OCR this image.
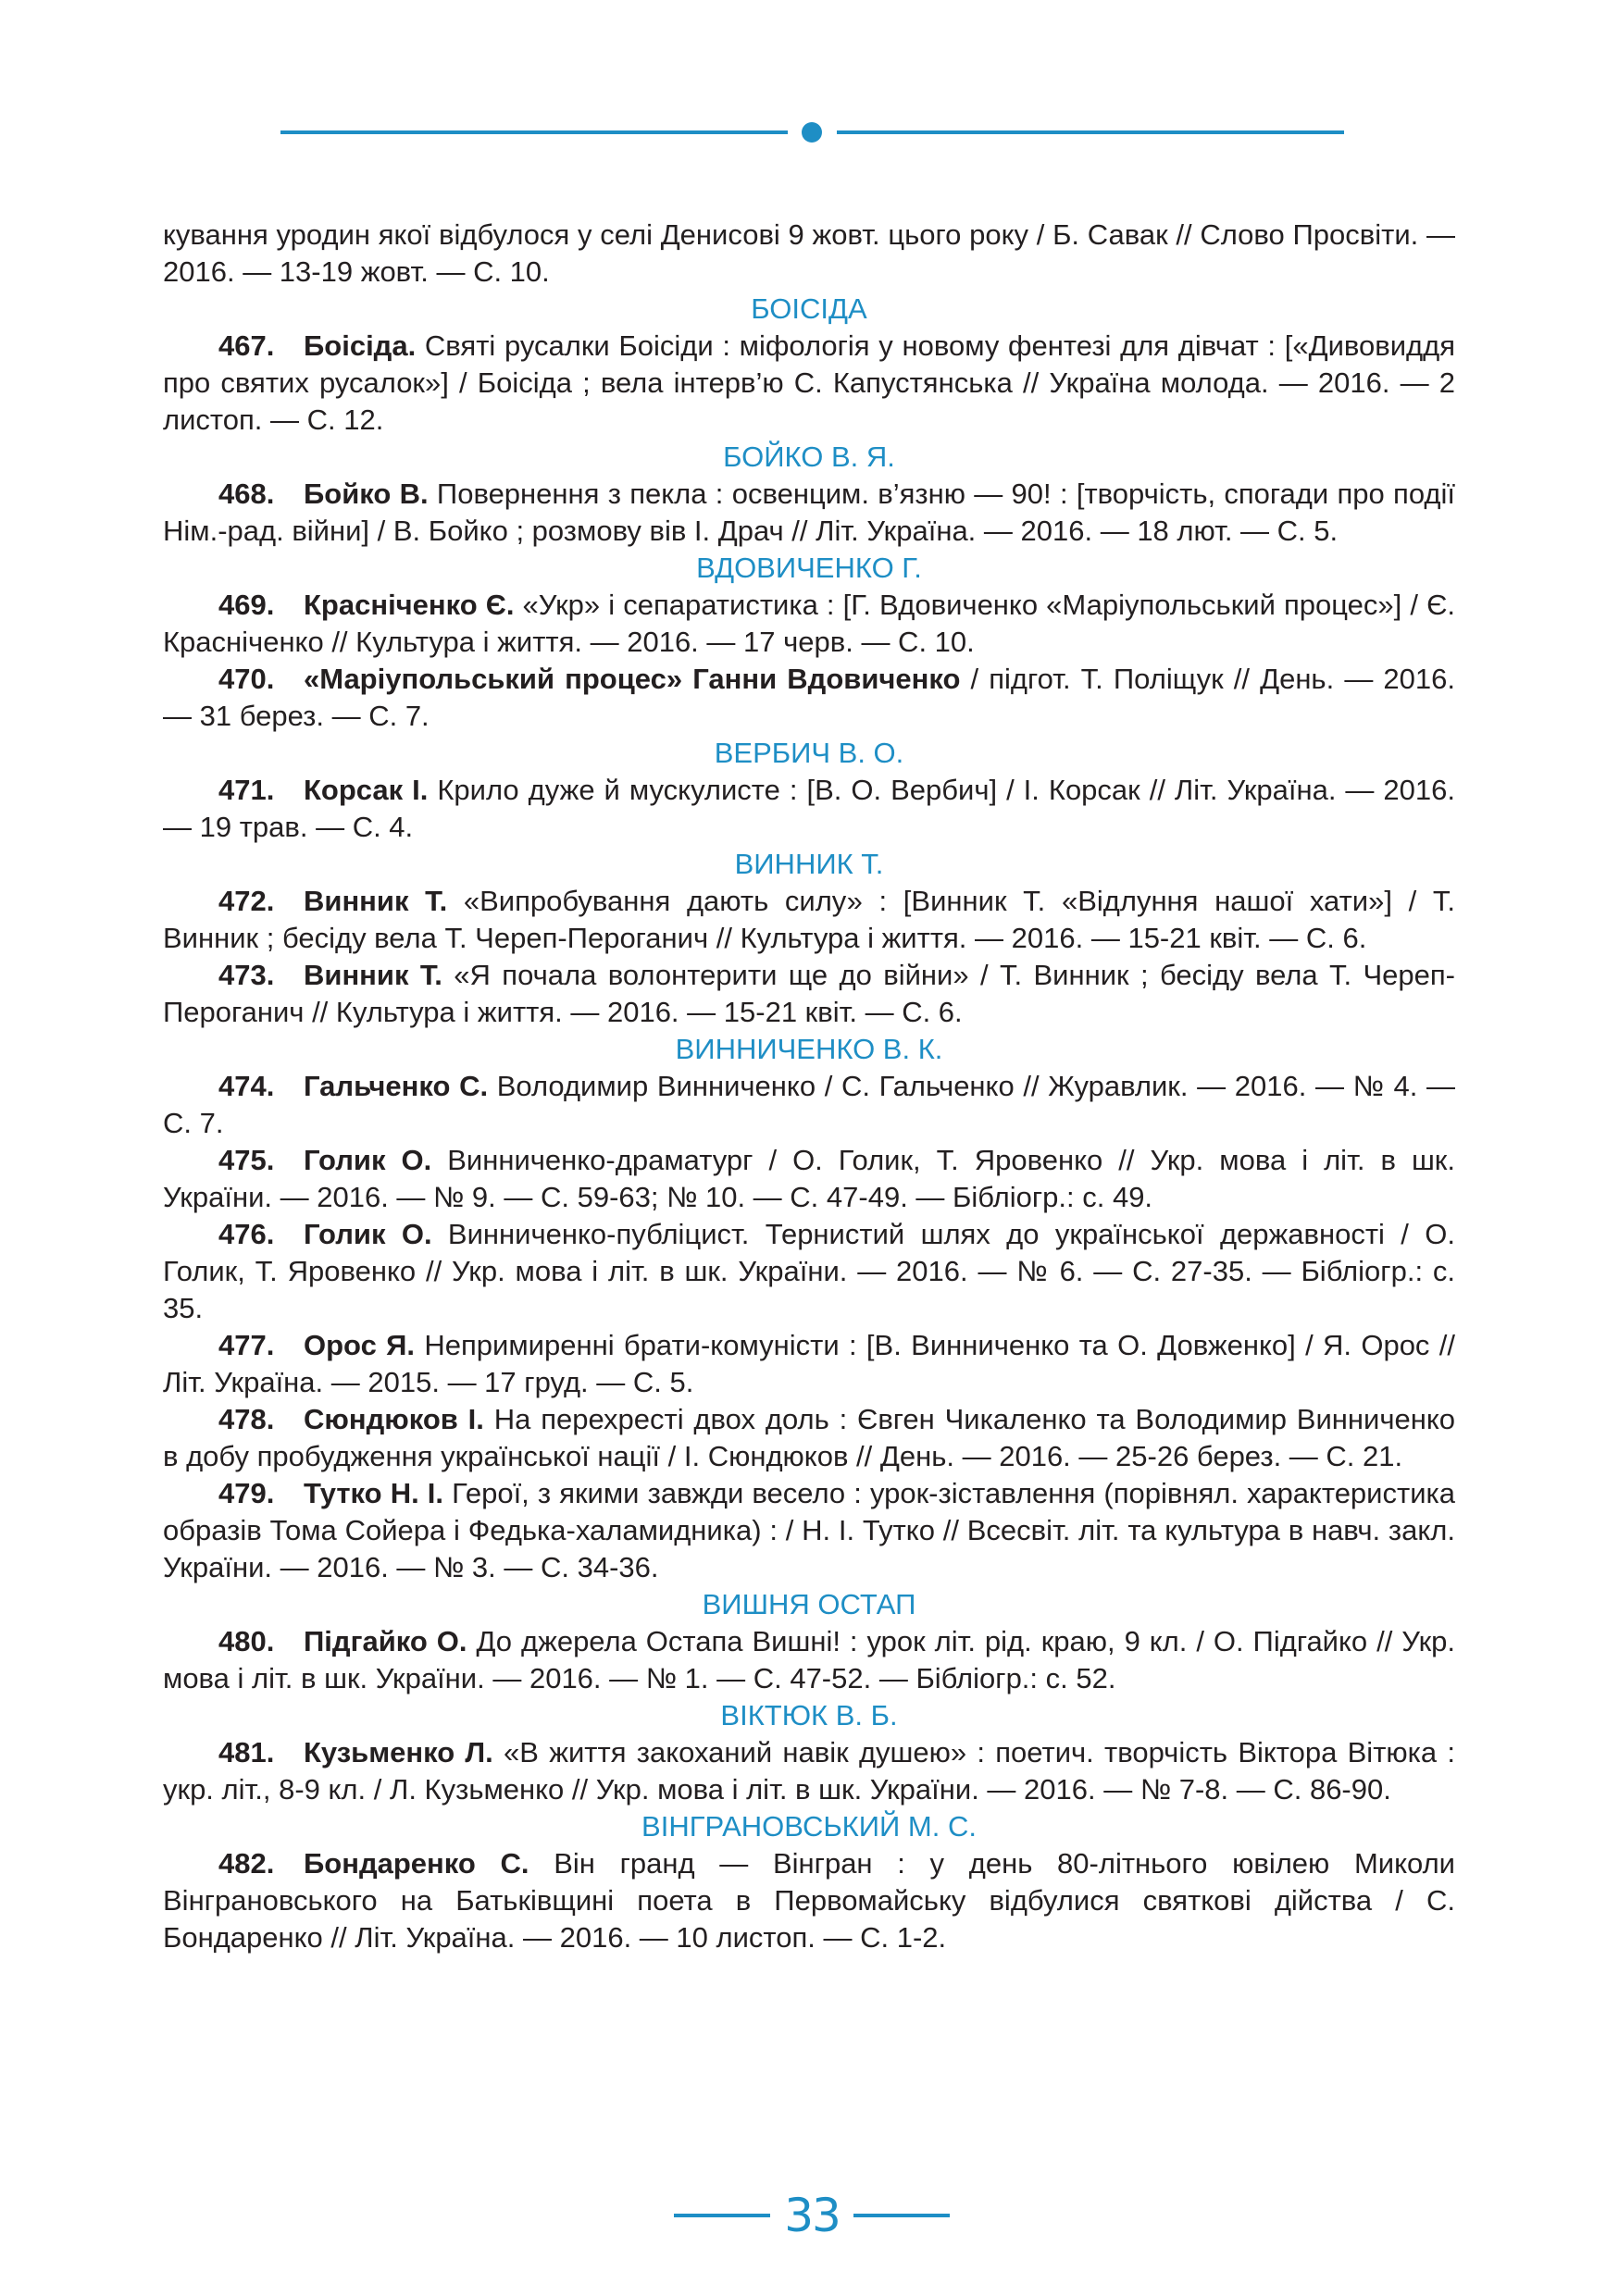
кування уродин якої відбулося у селі Денисові 9 жовт. цього року / Б. Савак // Слово Просвіти. — 2016. — 13-19 жовт. — С. 10.

БОІСІДА

467. Боісіда. Святі русалки Боісіди : міфологія у новому фентезі для дівчат : [«Дивовиддя про святих русалок»] / Боісіда ; вела інтерв’ю С. Капустянська // Україна молода. — 2016. — 2 листоп. — С. 12.

БОЙКО В. Я.

468. Бойко В. Повернення з пекла : освенцим. в’язню — 90! : [творчість, спогади про події Нім.-рад. війни] / В. Бойко ; розмову вів І. Драч // Літ. Україна. — 2016. — 18 лют. — С. 5.

ВДОВИЧЕНКО Г.

469. Красніченко Є. «Укр» і сепаратистика : [Г. Вдовиченко «Маріупольський процес»] / Є. Красніченко // Культура і життя. — 2016. — 17 черв. — С. 10.

470. «Маріупольський процес» Ганни Вдовиченко / підгот. Т. Поліщук // День. — 2016. — 31 берез. — С. 7.

ВЕРБИЧ В. О.

471. Корсак І. Крило дуже й мускулисте : [В. О. Вербич] / І. Корсак // Літ. Україна. — 2016. — 19 трав. — С. 4.

ВИННИК Т.

472. Винник Т. «Випробування дають силу» : [Винник Т. «Відлуння нашої хати»] / Т. Винник ; бесіду вела Т. Череп-Пероганич // Культура і життя. — 2016. — 15-21 квіт. — С. 6.

473. Винник Т. «Я почала волонтерити ще до війни» / Т. Винник ; бесіду вела Т. Череп-Пероганич // Культура і життя. — 2016. — 15-21 квіт. — С. 6.

ВИННИЧЕНКО В. К.

474. Гальченко С. Володимир Винниченко / С. Гальченко // Журавлик. — 2016. — № 4. — С. 7.

475. Голик О. Винниченко-драматург / О. Голик, Т. Яровенко // Укр. мова і літ. в шк. України. — 2016. — № 9. — С. 59-63; № 10. — С. 47-49. — Бібліогр.: с. 49.

476. Голик О. Винниченко-публіцист. Тернистий шлях до української державності / О. Голик, Т. Яровенко // Укр. мова і літ. в шк. України. — 2016. — № 6. — С. 27-35. — Бібліогр.: с. 35.

477. Орос Я. Непримиренні брати-комуністи : [В. Винниченко та О. Довженко] / Я. Орос // Літ. Україна. — 2015. — 17 груд. — С. 5.

478. Сюндюков І. На перехресті двох доль : Євген Чикаленко та Володимир Винниченко в добу пробудження української нації / І. Сюндюков // День. — 2016. — 25-26 берез. — С. 21.

479. Тутко Н. І. Герої, з якими завжди весело : урок-зіставлення (порівнял. характеристика образів Тома Сойера і Федька-халамидника) : / Н. І. Тутко // Всесвіт. літ. та культура в навч. закл. України. — 2016. — № 3. — С. 34-36.

ВИШНЯ ОСТАП

480. Підгайко О. До джерела Остапа Вишні! : урок літ. рід. краю, 9 кл. / О. Підгайко // Укр. мова і літ. в шк. України. — 2016. — № 1. — С. 47-52. — Бібліогр.: с. 52.

ВІКТЮК В. Б.

481. Кузьменко Л. «В життя закоханий навік душею» : поетич. творчість Віктора Вітюка : укр. літ., 8-9 кл. / Л. Кузьменко // Укр. мова і літ. в шк. України. — 2016. — № 7-8. — С. 86-90.

ВІНГРАНОВСЬКИЙ М. С.

482. Бондаренко С. Він гранд — Вінгран : у день 80-літнього ювілею Миколи Вінграновського на Батьківщині поета в Первомайську відбулися святкові дійства / С. Бондаренко // Літ. Україна. — 2016. — 10 листоп. — С. 1-2.

33
